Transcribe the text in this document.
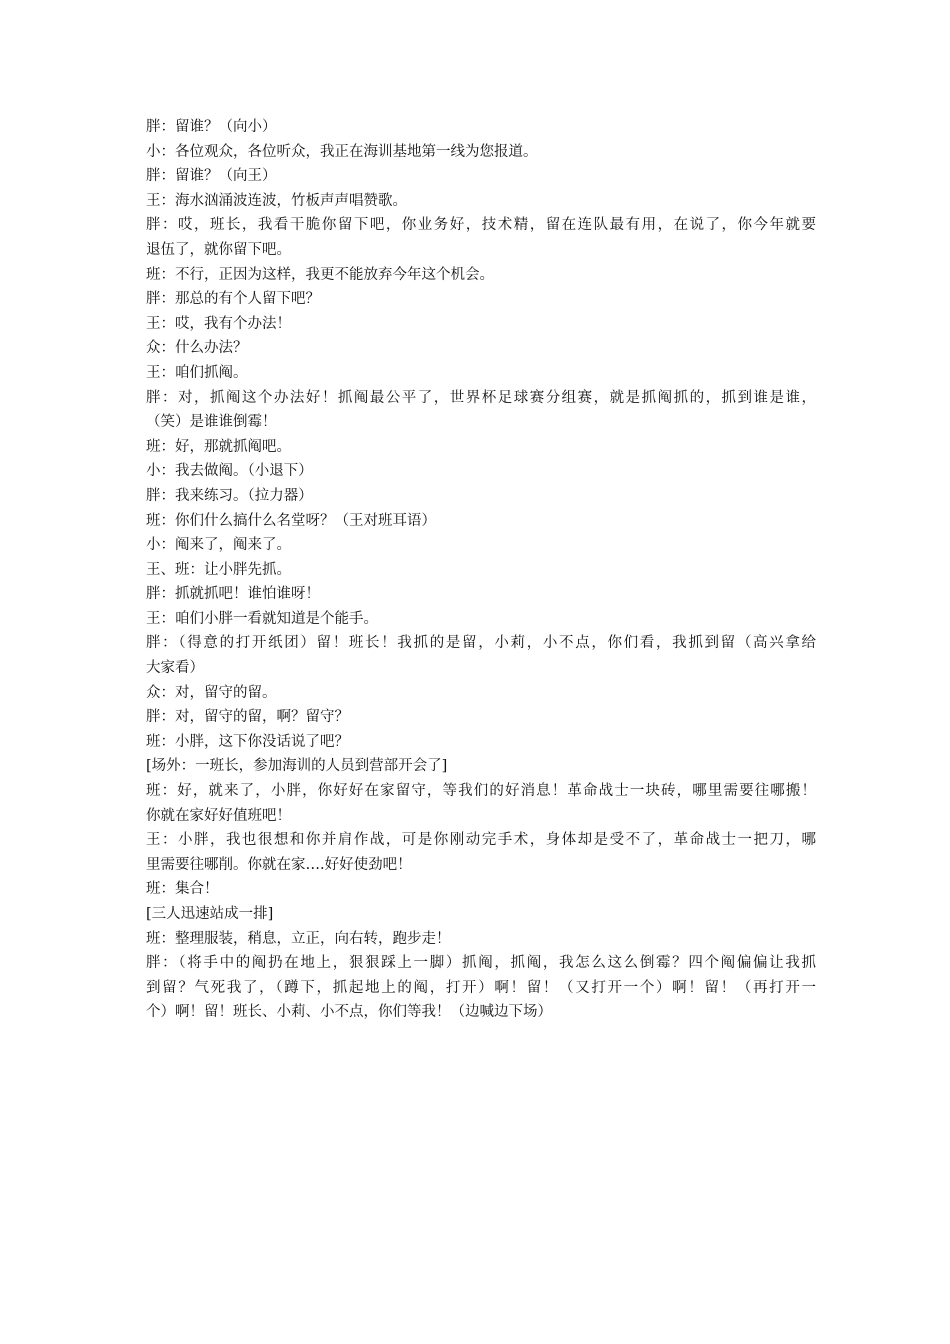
胖：留谁？（向小）
小：各位观众，各位听众，我正在海训基地第一线为您报道。
胖：留谁？（向王）
王：海水汹涌波连波，竹板声声唱赞歌。
胖：哎，班长，我看干脆你留下吧，你业务好，技术精，留在连队最有用，在说了，你今年就要
退伍了，就你留下吧。
班：不行，正因为这样，我更不能放弃今年这个机会。
胖：那总的有个人留下吧？
王：哎，我有个办法！
众：什么办法？
王：咱们抓阄。
胖：对，抓阄这个办法好！抓阄最公平了，世界杯足球赛分组赛，就是抓阄抓的，抓到谁是谁，
（笑）是谁谁倒霉！
班：好，那就抓阄吧。
小：我去做阄。（小退下）
胖：我来练习。（拉力器）
班：你们什么搞什么名堂呀？（王对班耳语）
小：阄来了，阄来了。
王、班：让小胖先抓。
胖：抓就抓吧！谁怕谁呀！
王：咱们小胖一看就知道是个能手。
胖：（得意的打开纸团）留！班长！我抓的是留，小莉，小不点，你们看，我抓到留（高兴拿给
大家看）
众：对，留守的留。
胖：对，留守的留，啊？留守？
班：小胖，这下你没话说了吧？
[场外：一班长，参加海训的人员到营部开会了]
班：好，就来了，小胖，你好好在家留守，等我们的好消息！革命战士一块砖，哪里需要往哪搬！
你就在家好好值班吧！
王：小胖，我也很想和你并肩作战，可是你刚动完手术，身体却是受不了，革命战士一把刀，哪
里需要往哪削。你就在家….好好使劲吧！
班：集合！
[三人迅速站成一排]
班：整理服装，稍息，立正，向右转，跑步走！
胖：（将手中的阄扔在地上，狠狠踩上一脚）抓阄，抓阄，我怎么这么倒霉？四个阄偏偏让我抓
到留？气死我了，（蹲下，抓起地上的阄，打开）啊！留！（又打开一个）啊！留！（再打开一
个）啊！留！班长、小莉、小不点，你们等我！（边喊边下场）
